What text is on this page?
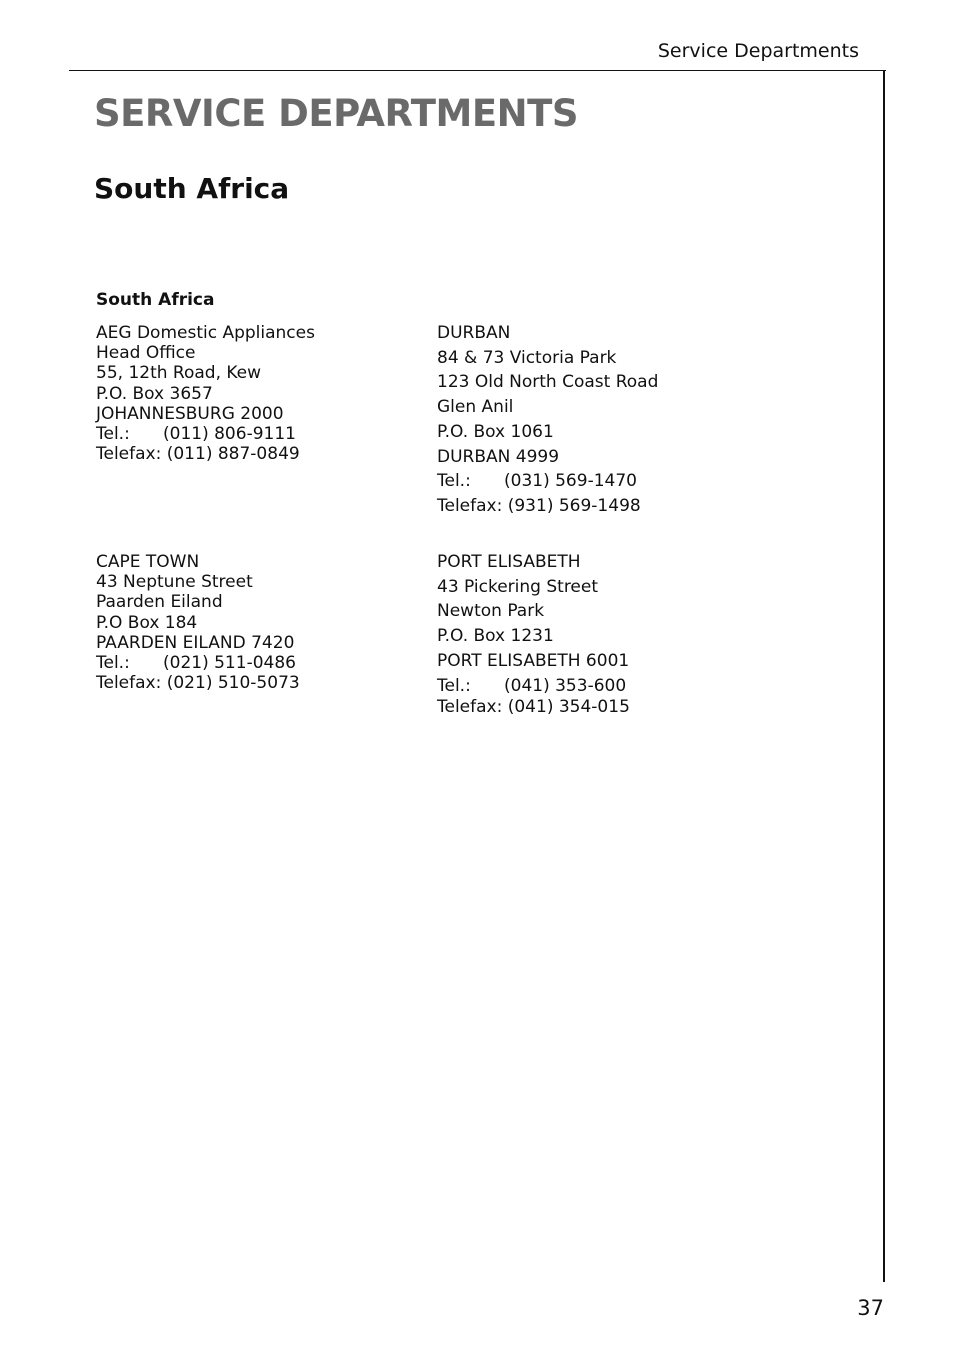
Service Departments
SERVICE DEPARTMENTS
South Africa
South Africa
AEG Domestic Appliances
Head Office
55, 12th Road, Kew
P.O. Box 3657
JOHANNESBURG 2000
Tel.: (011) 806-9111
Telefax: (011) 887-0849
DURBAN
84 & 73 Victoria Park
123 Old North Coast Road
Glen Anil
P.O. Box 1061
DURBAN 4999
Tel.: (031) 569-1470
Telefax: (931) 569-1498
CAPE TOWN
43 Neptune Street
Paarden Eiland
P.O Box 184
PAARDEN EILAND 7420
Tel.: (021) 511-0486
Telefax: (021) 510-5073
PORT ELISABETH
43 Pickering Street
Newton Park
P.O. Box 1231
PORT ELISABETH 6001
Tel.: (041) 353-600
Telefax: (041) 354-015
37
